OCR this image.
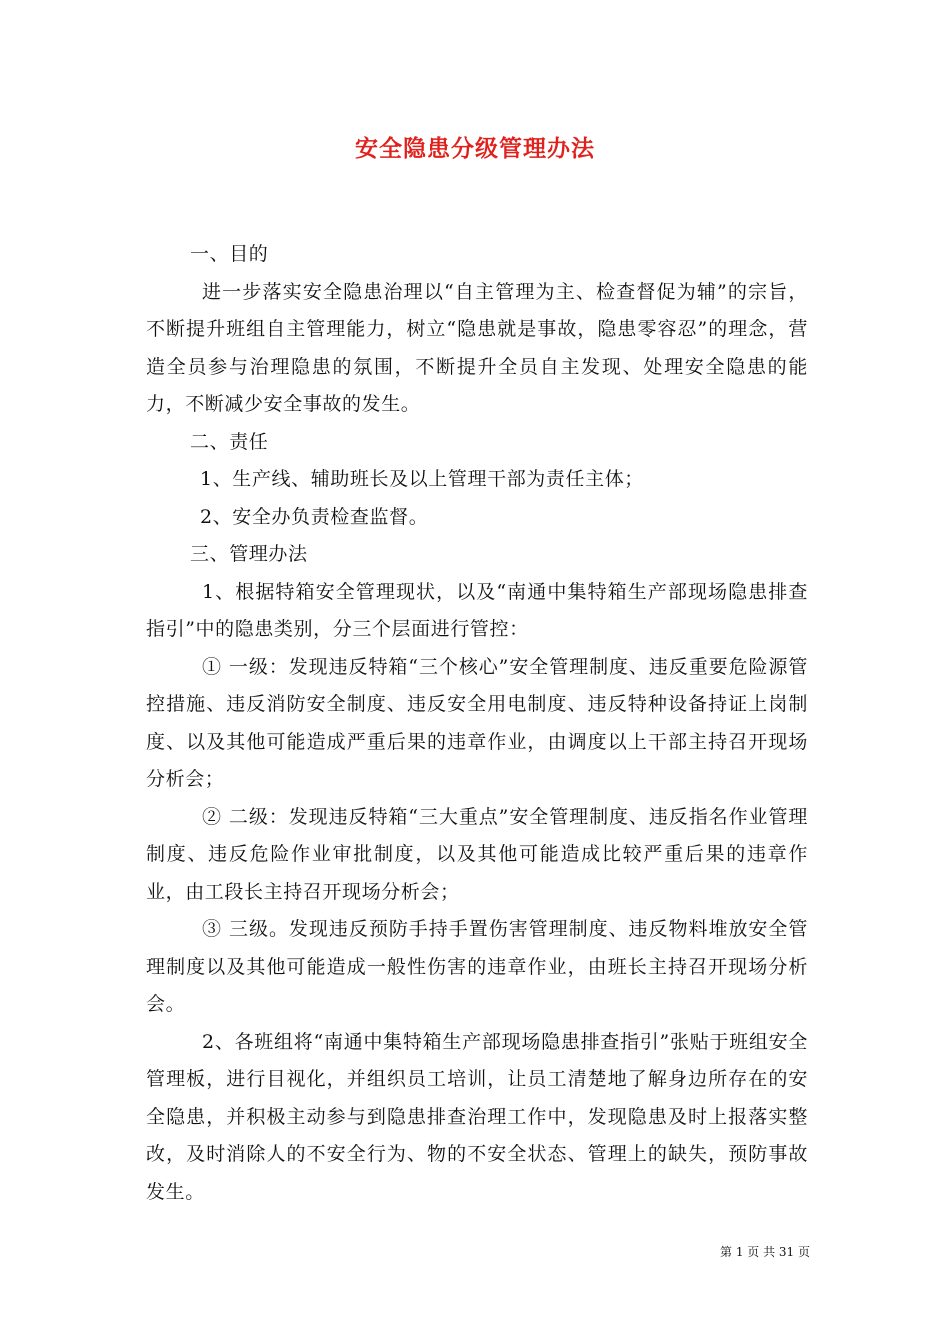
安全隐患分级管理办法

一、目的

进一步落实安全隐患治理以“自主管理为主、检查督促为辅”的宗旨，不断提升班组自主管理能力，树立“隐患就是事故，隐患零容忍”的理念，营造全员参与治理隐患的氛围，不断提升全员自主发现、处理安全隐患的能力，不断减少安全事故的发生。

二、责任

1、生产线、辅助班长及以上管理干部为责任主体；

2、安全办负责检查监督。

三、管理办法

1、根据特箱安全管理现状，以及“南通中集特箱生产部现场隐患排查指引”中的隐患类别，分三个层面进行管控：

① 一级：发现违反特箱“三个核心”安全管理制度、违反重要危险源管控措施、违反消防安全制度、违反安全用电制度、违反特种设备持证上岗制度、以及其他可能造成严重后果的违章作业，由调度以上干部主持召开现场分析会；

② 二级：发现违反特箱“三大重点”安全管理制度、违反指名作业管理制度、违反危险作业审批制度，以及其他可能造成比较严重后果的违章作业，由工段长主持召开现场分析会；

③ 三级。发现违反预防手持手置伤害管理制度、违反物料堆放安全管理制度以及其他可能造成一般性伤害的违章作业，由班长主持召开现场分析会。

2、各班组将“南通中集特箱生产部现场隐患排查指引”张贴于班组安全管理板，进行目视化，并组织员工培训，让员工清楚地了解身边所存在的安全隐患，并积极主动参与到隐患排查治理工作中，发现隐患及时上报落实整改，及时消除人的不安全行为、物的不安全状态、管理上的缺失，预防事故发生。

第 1 页 共 31 页
